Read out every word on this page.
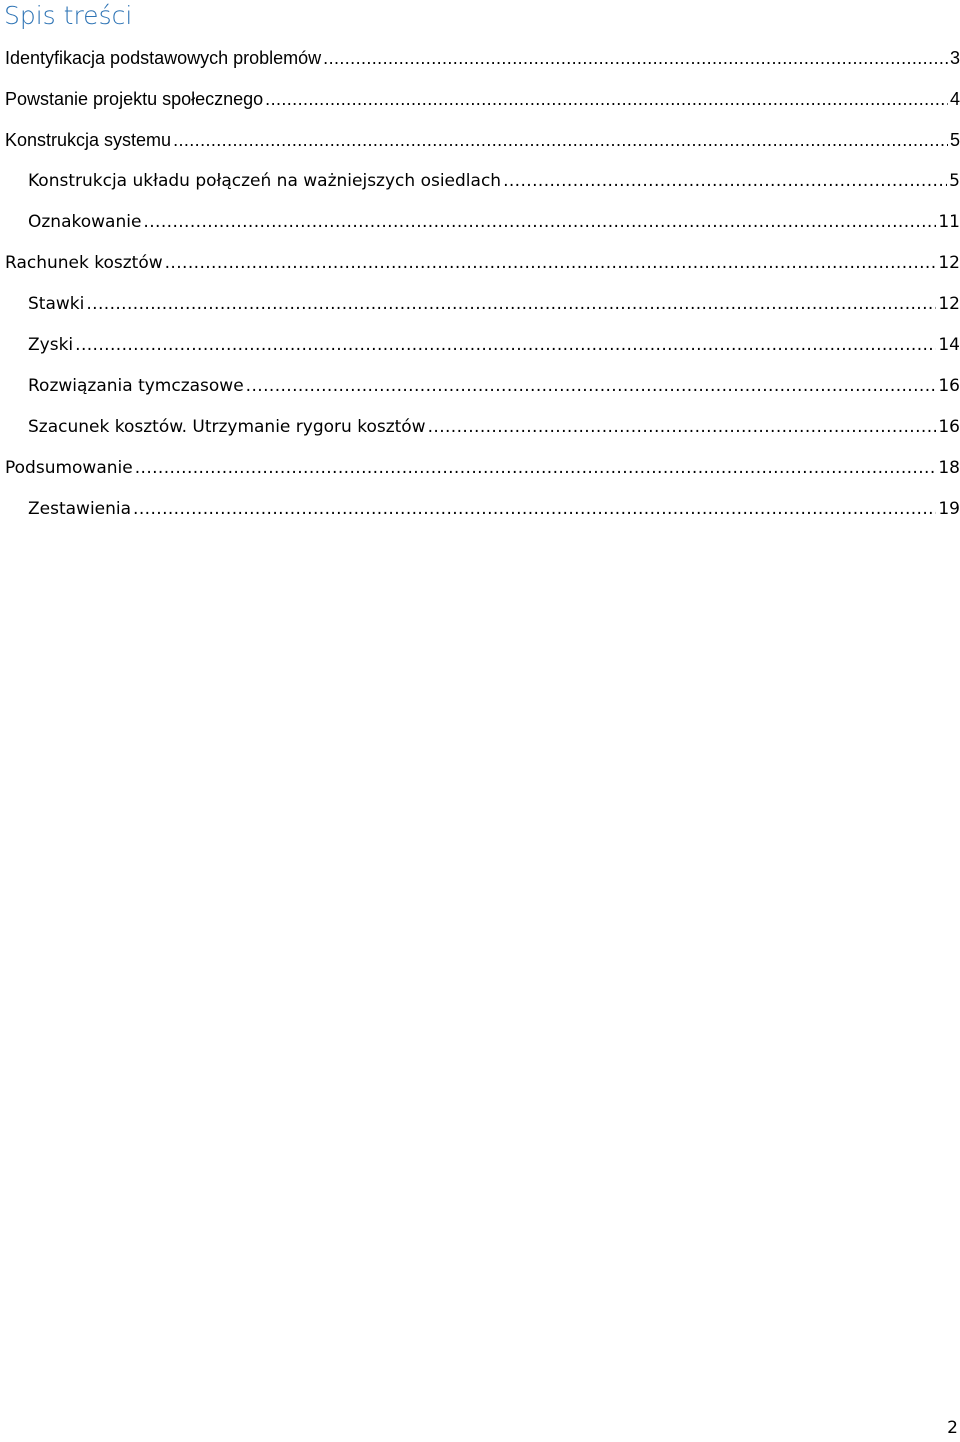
Spis treści
Identyfikacja podstawowych problemów .....	3
Powstanie projektu społecznego .....	4
Konstrukcja systemu .....	5
Konstrukcja układu połączeń na ważniejszych osiedlach .....	5
Oznakowanie .....	11
Rachunek kosztów .....	12
Stawki .....	12
Zyski .....	14
Rozwiązania tymczasowe .....	16
Szacunek kosztów. Utrzymanie rygoru kosztów .....	16
Podsumowanie .....	18
Zestawienia .....	19
2
